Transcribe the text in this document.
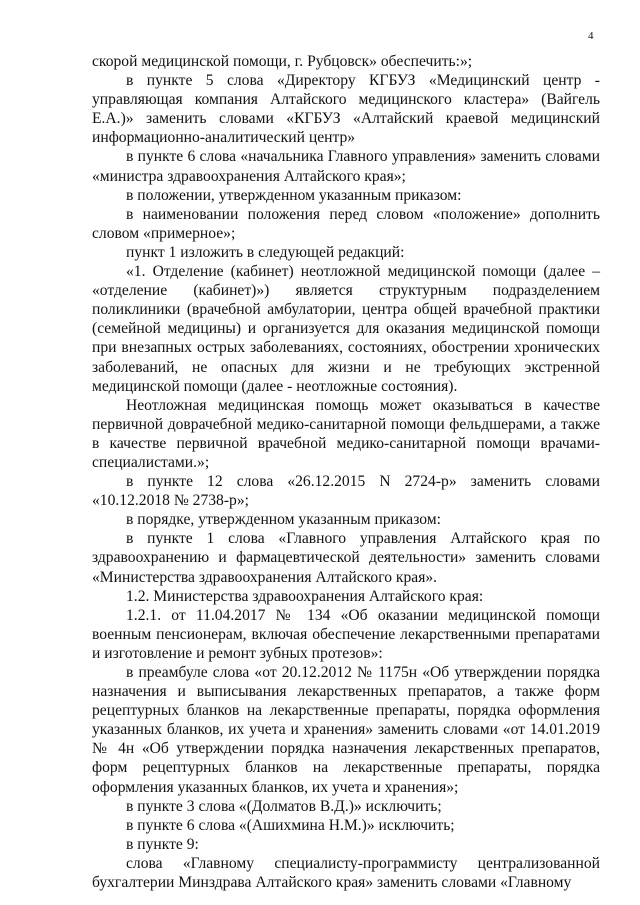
4

скорой медицинской помощи, г. Рубцовск» обеспечить:»;

в пункте 5 слова «Директору КГБУЗ «Медицинский центр - управляющая компания Алтайского медицинского кластера» (Вайгель Е.А.)» заменить словами «КГБУЗ «Алтайский краевой медицинский информационно-аналитический центр»

в пункте 6 слова «начальника Главного управления» заменить словами «министра здравоохранения Алтайского края»;

в положении, утвержденном указанным приказом:

в наименовании положения перед словом «положение» дополнить словом «примерное»;

пункт 1 изложить в следующей редакций:

«1. Отделение (кабинет) неотложной медицинской помощи (далее – «отделение (кабинет)») является структурным подразделением поликлиники (врачебной амбулатории, центра общей врачебной практики (семейной медицины) и организуется для оказания медицинской помощи при внезапных острых заболеваниях, состояниях, обострении хронических заболеваний, не опасных для жизни и не требующих экстренной медицинской помощи (далее - неотложные состояния).

Неотложная медицинская помощь может оказываться в качестве первичной доврачебной медико-санитарной помощи фельдшерами, а также в качестве первичной врачебной медико-санитарной помощи врачами-специалистами.»;

в пункте 12 слова «26.12.2015 N 2724-р» заменить словами «10.12.2018 № 2738-р»;

в порядке, утвержденном указанным приказом:

в пункте 1 слова «Главного управления Алтайского края по здравоохранению и фармацевтической деятельности» заменить словами «Министерства здравоохранения Алтайского края».

1.2. Министерства здравоохранения Алтайского края:

1.2.1. от 11.04.2017 № 134 «Об оказании медицинской помощи военным пенсионерам, включая обеспечение лекарственными препаратами и изготовление и ремонт зубных протезов»:

в преамбуле слова «от 20.12.2012 № 1175н «Об утверждении порядка назначения и выписывания лекарственных препаратов, а также форм рецептурных бланков на лекарственные препараты, порядка оформления указанных бланков, их учета и хранения» заменить словами «от 14.01.2019 № 4н «Об утверждении порядка назначения лекарственных препаратов, форм рецептурных бланков на лекарственные препараты, порядка оформления указанных бланков, их учета и хранения»;

в пункте 3 слова «(Долматов В.Д.)» исключить;

в пункте 6 слова «(Ашихмина Н.М.)» исключить;

в пункте 9:

слова «Главному специалисту-программисту централизованной бухгалтерии Минздрава Алтайского края» заменить словами «Главному
